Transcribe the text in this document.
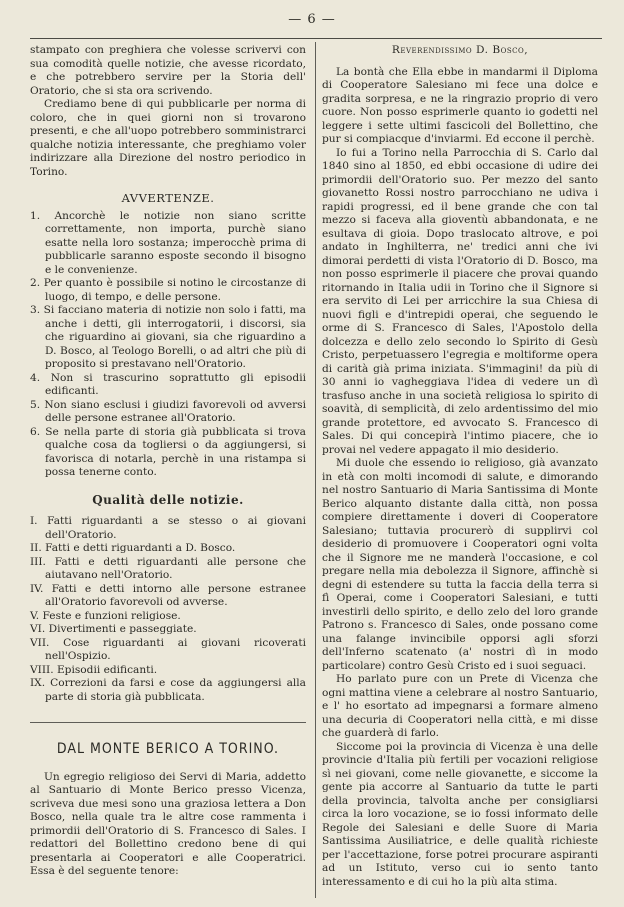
— 6 —

stampato con preghiera che volesse scrivervi con sua comodità quelle notizie, che avesse ricordato, e che potrebbero servire per la Storia dell' Oratorio, che si sta ora scrivendo.

Crediamo bene di qui pubblicarle per norma di coloro, che in quei giorni non si trovarono presenti, e che all'uopo potrebbero somministrarci qualche notizia interessante, che preghiamo voler indirizzare alla Direzione del nostro periodico in Torino.

AVVERTENZE.
1. Ancorchè le notizie non siano scritte correttamente, non importa, purchè siano esatte nella loro sostanza; imperocchè prima di pubblicarle saranno esposte secondo il bisogno e le convenienze.
2. Per quanto è possibile si notino le circostanze di luogo, di tempo, e delle persone.
3. Si facciano materia di notizie non solo i fatti, ma anche i detti, gli interrogatorii, i discorsi, sia che riguardino ai giovani, sia che riguardino a D. Bosco, al Teologo Borelli, o ad altri che più di proposito si prestavano nell'Oratorio.
4. Non si trascurino soprattutto gli episodii edificanti.
5. Non siano esclusi i giudizi favorevoli od avversi delle persone estranee all'Oratorio.
6. Se nella parte di storia già pubblicata si trova qualche cosa da togliersi o da aggiungersi, si favorisca di notarla, perchè in una ristampa si possa tenerne conto.
Qualità delle notizie.
I. Fatti riguardanti a se stesso o ai giovani dell'Oratorio.
II. Fatti e detti riguardanti a D. Bosco.
III. Fatti e detti riguardanti alle persone che aiutavano nell'Oratorio.
IV. Fatti e detti intorno alle persone estranee all'Oratorio favorevoli od avverse.
V. Feste e funzioni religiose.
VI. Divertimenti e passeggiate.
VII. Cose riguardanti ai giovani ricoverati nell'Ospizio.
VIII. Episodii edificanti.
IX. Correzioni da farsi e cose da aggiungersi alla parte di storia già pubblicata.
DAL MONTE BERICO A TORINO.

Un egregio religioso dei Servi di Maria, addetto al Santuario di Monte Berico presso Vicenza, scriveva due mesi sono una graziosa lettera a Don Bosco, nella quale tra le altre cose rammenta i primordii dell'Oratorio di S. Francesco di Sales. I redattori del Bollettino credono bene di qui presentarla ai Cooperatori e alle Cooperatrici. Essa è del seguente tenore:

Reverendissimo D. Bosco,

La bontà che Ella ebbe in mandarmi il Diploma di Cooperatore Salesiano mi fece una dolce e gradita sorpresa, e ne la ringrazio proprio di vero cuore. Non posso esprimerle quanto io godetti nel leggere i sette ultimi fascicoli del Bollettino, che pur si compiacque d'inviarmi. Ed eccone il perchè.

Io fui a Torino nella Parrocchia di S. Carlo dal 1840 sino al 1850, ed ebbi occasione di udire dei primordii dell'Oratorio suo. Per mezzo del santo giovanetto Rossi nostro parrocchiano ne udiva i rapidi progressi, ed il bene grande che con tal mezzo si faceva alla gioventù abbandonata, e ne esultava di gioia. Dopo traslocato altrove, e poi andato in Inghilterra, ne' tredici anni che ivi dimorai perdetti di vista l'Oratorio di D. Bosco, ma non posso esprimerle il piacere che provai quando ritornando in Italia udii in Torino che il Signore si era servito di Lei per arricchire la sua Chiesa di nuovi figli e d'intrepidi operai, che seguendo le orme di S. Francesco di Sales, l'Apostolo della dolcezza e dello zelo secondo lo Spirito di Gesù Cristo, perpetuassero l'egregia e moltiforme opera di carità già prima iniziata. S'immagini! da più di 30 anni io vagheggiava l'idea di vedere un dì trasfuso anche in una società religiosa lo spirito di soavità, di semplicità, di zelo ardentissimo del mio grande protettore, ed avvocato S. Francesco di Sales. Di qui concepirà l'intimo piacere, che io provai nel vedere appagato il mio desiderio.

Mi duole che essendo io religioso, già avanzato in età con molti incomodi di salute, e dimorando nel nostro Santuario di Maria Santissima di Monte Berico alquanto distante dalla città, non possa compiere direttamente i doveri di Cooperatore Salesiano; tuttavia procurerò di supplirvi col desiderio di promuovere i Cooperatori ogni volta che il Signore me ne manderà l'occasione, e col pregare nella mia debolezza il Signore, affinchè si degni di estendere su tutta la faccia della terra si fì Operai, come i Cooperatori Salesiani, e tutti investirli dello spirito, e dello zelo del loro grande Patrono s. Francesco di Sales, onde possano come una falange invincibile opporsi agli sforzi dell'Inferno scatenato (a' nostri dì in modo particolare) contro Gesù Cristo ed i suoi seguaci.

Ho parlato pure con un Prete di Vicenza che ogni mattina viene a celebrare al nostro Santuario, e l' ho esortato ad impegnarsi a formare almeno una decuria di Cooperatori nella città, e mi disse che guarderà di farlo.

Siccome poi la provincia di Vicenza è una delle provincie d'Italia più fertili per vocazioni religiose sì nei giovani, come nelle giovanette, e siccome la gente pia accorre al Santuario da tutte le parti della provincia, talvolta anche per consigliarsi circa la loro vocazione, se io fossi informato delle Regole dei Salesiani e delle Suore di Maria Santissima Ausiliatrice, e delle qualità richieste per l'accettazione, forse potrei procurare aspiranti ad un Istituto, verso cui io sento tanto interessamento e di cui ho la più alta stima.
